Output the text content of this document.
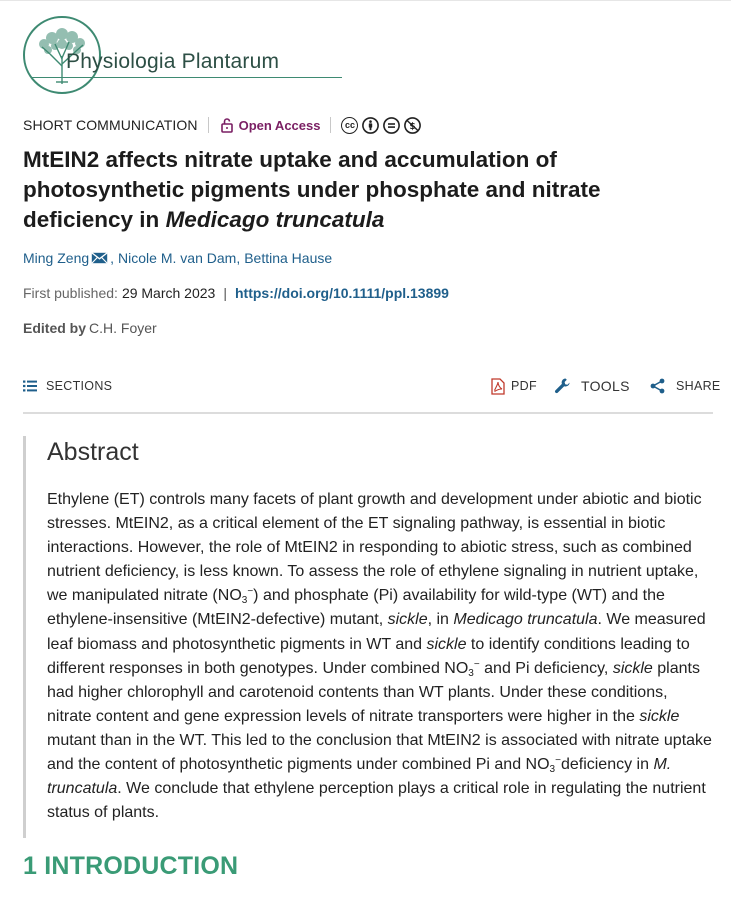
Physiologia Plantarum
SHORT COMMUNICATION	Open Access	cc	$
MtEIN2 affects nitrate uptake and accumulation of photosynthetic pigments under phosphate and nitrate deficiency in Medicago truncatula
Ming Zeng , Nicole M. van Dam , Bettina Hause
First published: 29 March 2023 | https://doi.org/10.1111/ppl.13899
Edited by C.H. Foyer
SECTIONS	PDF	TOOLS	SHARE
Abstract
Ethylene (ET) controls many facets of plant growth and development under abiotic and biotic stresses. MtEIN2, as a critical element of the ET signaling pathway, is essential in biotic interactions. However, the role of MtEIN2 in responding to abiotic stress, such as combined nutrient deficiency, is less known. To assess the role of ethylene signaling in nutrient uptake, we manipulated nitrate $(NO_3^-)$ and phosphate (Pi) availability for wild-type (WT) and the ethylene-insensitive (MtEIN2-defective) mutant, sickle, in Medicago truncatula. We measured leaf biomass and photosynthetic pigments in WT and sickle to identify conditions leading to different responses in both genotypes. Under combined $NO_3^-$ and Pi deficiency, sickle plants had higher chlorophyll and carotenoid contents than WT plants. Under these conditions, nitrate content and gene expression levels of nitrate transporters were higher in the sickle mutant than in the WT. This led to the conclusion that MtEIN2 is associated with nitrate uptake and the content of photosynthetic pigments under combined Pi and $NO_3^-deficiency$ in M. truncatula. We conclude that ethylene perception plays a critical role in regulating the nutrient status of plants.
1 INTRODUCTION
